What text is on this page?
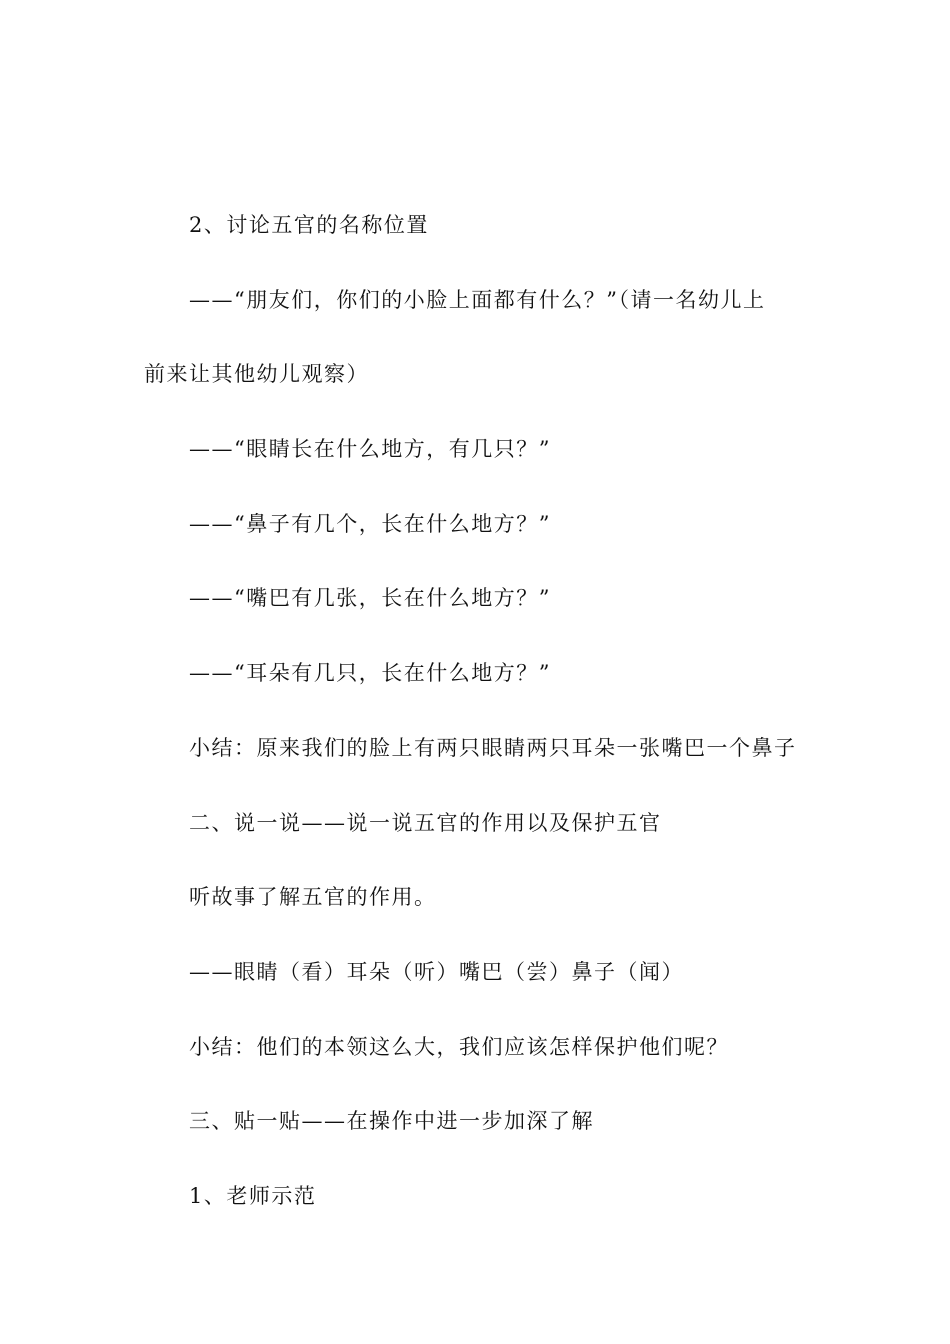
2、讨论五官的名称位置
——“朋友们，你们的小脸上面都有什么？”（请一名幼儿上
前来让其他幼儿观察）
——“眼睛长在什么地方，有几只？”
——“鼻子有几个，长在什么地方？”
——“嘴巴有几张，长在什么地方？”
——“耳朵有几只，长在什么地方？”
小结：原来我们的脸上有两只眼睛两只耳朵一张嘴巴一个鼻子
二、说一说——说一说五官的作用以及保护五官
听故事了解五官的作用。
——眼睛（看）耳朵（听）嘴巴（尝）鼻子（闻）
小结：他们的本领这么大，我们应该怎样保护他们呢？
三、贴一贴——在操作中进一步加深了解
1、老师示范
